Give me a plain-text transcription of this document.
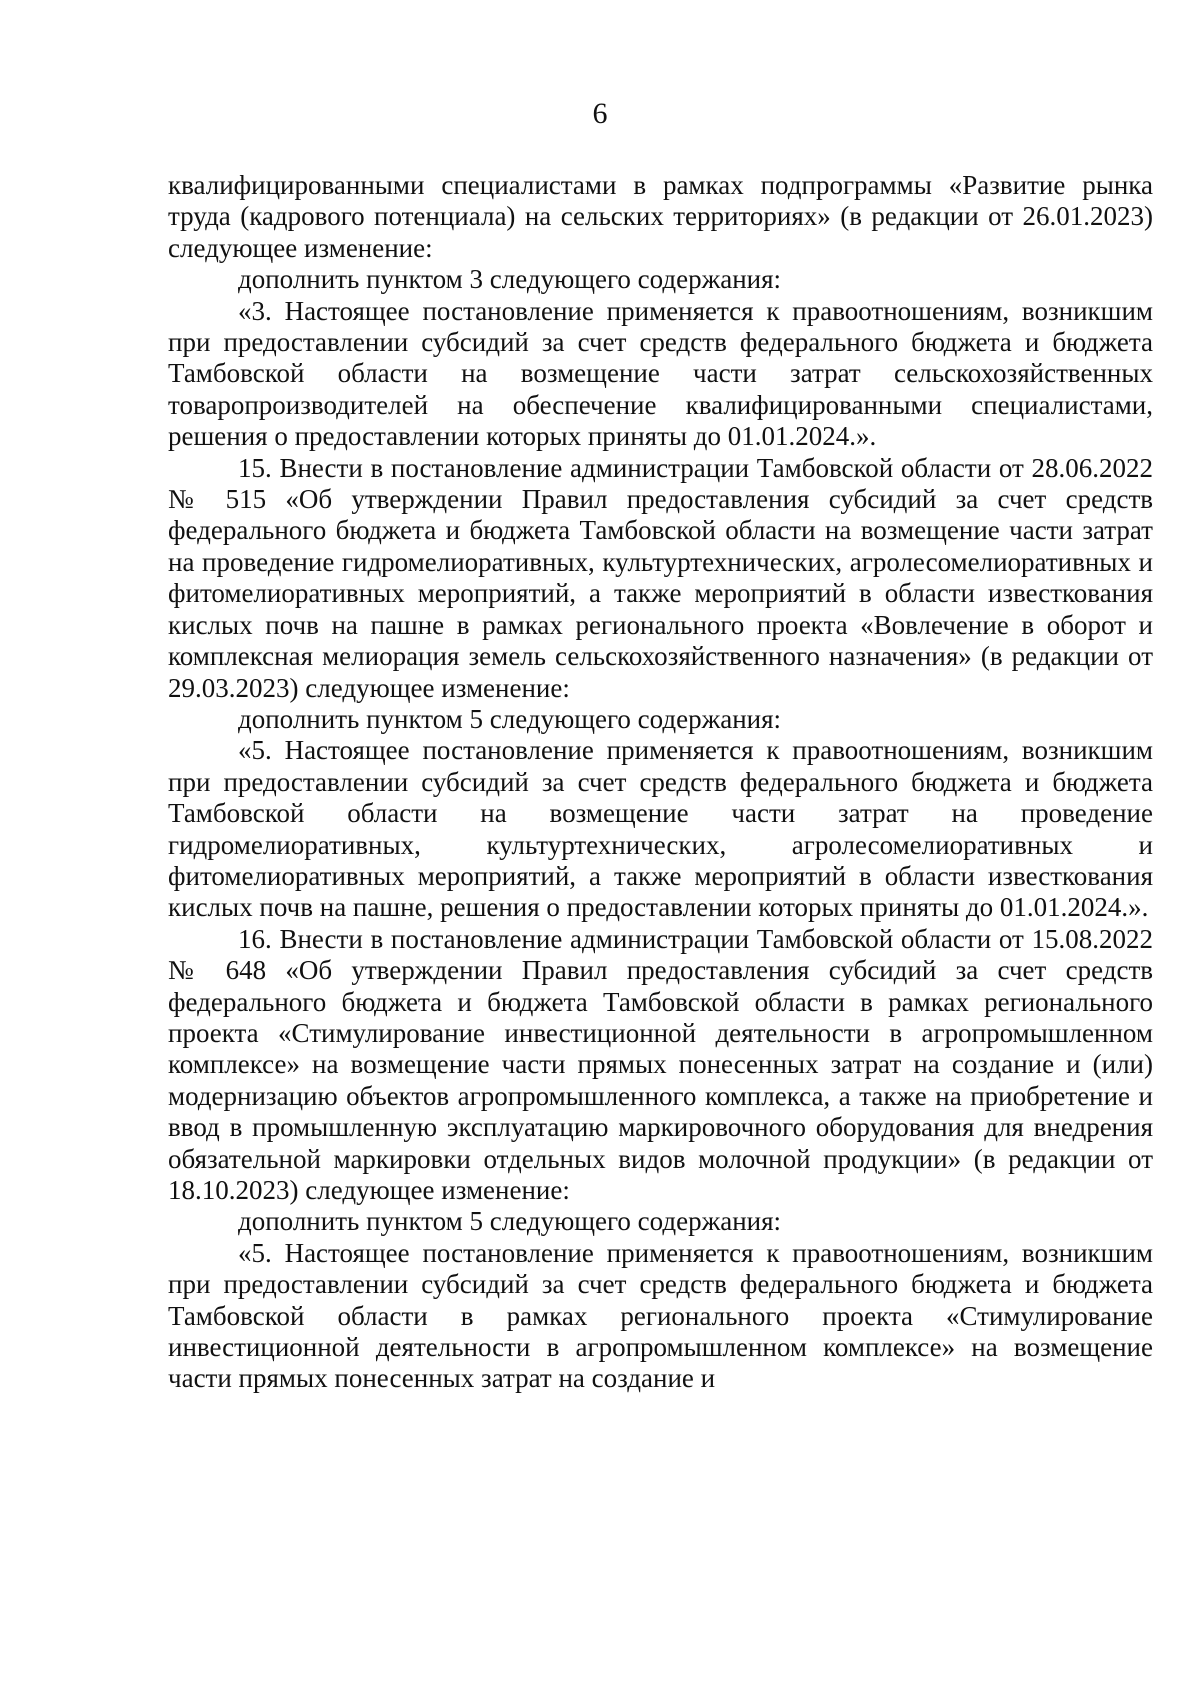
6

квалифицированными специалистами в рамках подпрограммы «Развитие рынка труда (кадрового потенциала) на сельских территориях» (в редакции от 26.01.2023) следующее изменение:

дополнить пунктом 3 следующего содержания:

«3. Настоящее постановление применяется к правоотношениям, возникшим при предоставлении субсидий за счет средств федерального бюджета и бюджета Тамбовской области на возмещение части затрат сельскохозяйственных товаропроизводителей на обеспечение квалифицированными специалистами, решения о предоставлении которых приняты до 01.01.2024.».

15. Внести в постановление администрации Тамбовской области от 28.06.2022 № 515 «Об утверждении Правил предоставления субсидий за счет средств федерального бюджета и бюджета Тамбовской области на возмещение части затрат на проведение гидромелиоративных, культуртехнических, агролесомелиоративных и фитомелиоративных мероприятий, а также мероприятий в области известкования кислых почв на пашне в рамках регионального проекта «Вовлечение в оборот и комплексная мелиорация земель сельскохозяйственного назначения» (в редакции от 29.03.2023) следующее изменение:

дополнить пунктом 5 следующего содержания:

«5. Настоящее постановление применяется к правоотношениям, возникшим при предоставлении субсидий за счет средств федерального бюджета и бюджета Тамбовской области на возмещение части затрат на проведение гидромелиоративных, культуртехнических, агролесомелиоративных и фитомелиоративных мероприятий, а также мероприятий в области известкования кислых почв на пашне, решения о предоставлении которых приняты до 01.01.2024.».

16. Внести в постановление администрации Тамбовской области от 15.08.2022 № 648 «Об утверждении Правил предоставления субсидий за счет средств федерального бюджета и бюджета Тамбовской области в рамках регионального проекта «Стимулирование инвестиционной деятельности в агропромышленном комплексе» на возмещение части прямых понесенных затрат на создание и (или) модернизацию объектов агропромышленного комплекса, а также на приобретение и ввод в промышленную эксплуатацию маркировочного оборудования для внедрения обязательной маркировки отдельных видов молочной продукции» (в редакции от 18.10.2023) следующее изменение:

дополнить пунктом 5 следующего содержания:

«5. Настоящее постановление применяется к правоотношениям, возникшим при предоставлении субсидий за счет средств федерального бюджета и бюджета Тамбовской области в рамках регионального проекта «Стимулирование инвестиционной деятельности в агропромышленном комплексе» на возмещение части прямых понесенных затрат на создание и
